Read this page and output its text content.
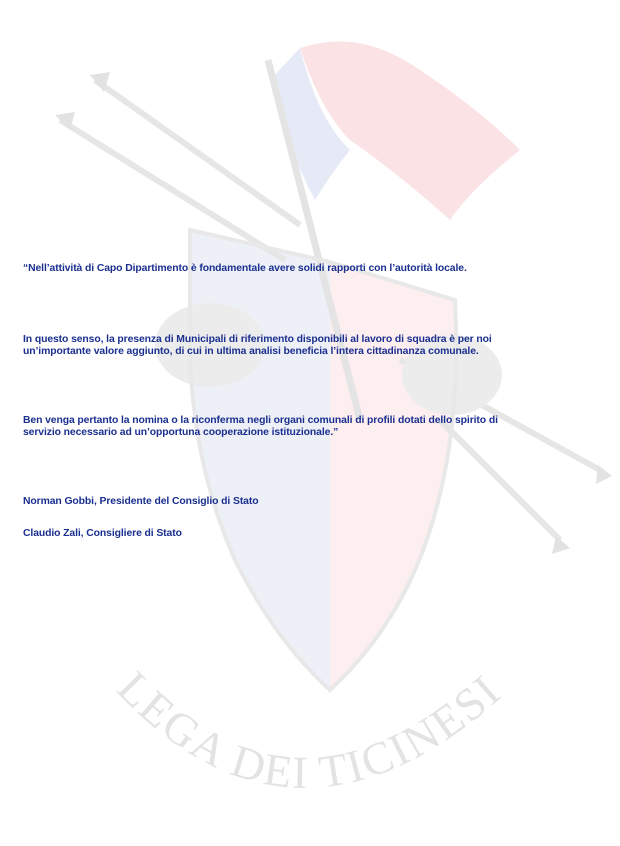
LEGA DEI TICINESI

“Nell’attività di Capo Dipartimento è fondamentale avere solidi rapporti con l’autorità locale.

In questo senso, la presenza di Municipali di riferimento disponibili al lavoro di squadra è per noi
un’importante valore aggiunto, di cui in ultima analisi beneficia l’intera cittadinanza comunale.

Ben venga pertanto la nomina o la riconferma negli organi comunali di profili dotati dello spirito di
servizio necessario ad un’opportuna cooperazione istituzionale.”

Norman Gobbi, Presidente del Consiglio di Stato

Claudio Zali, Consigliere di Stato
